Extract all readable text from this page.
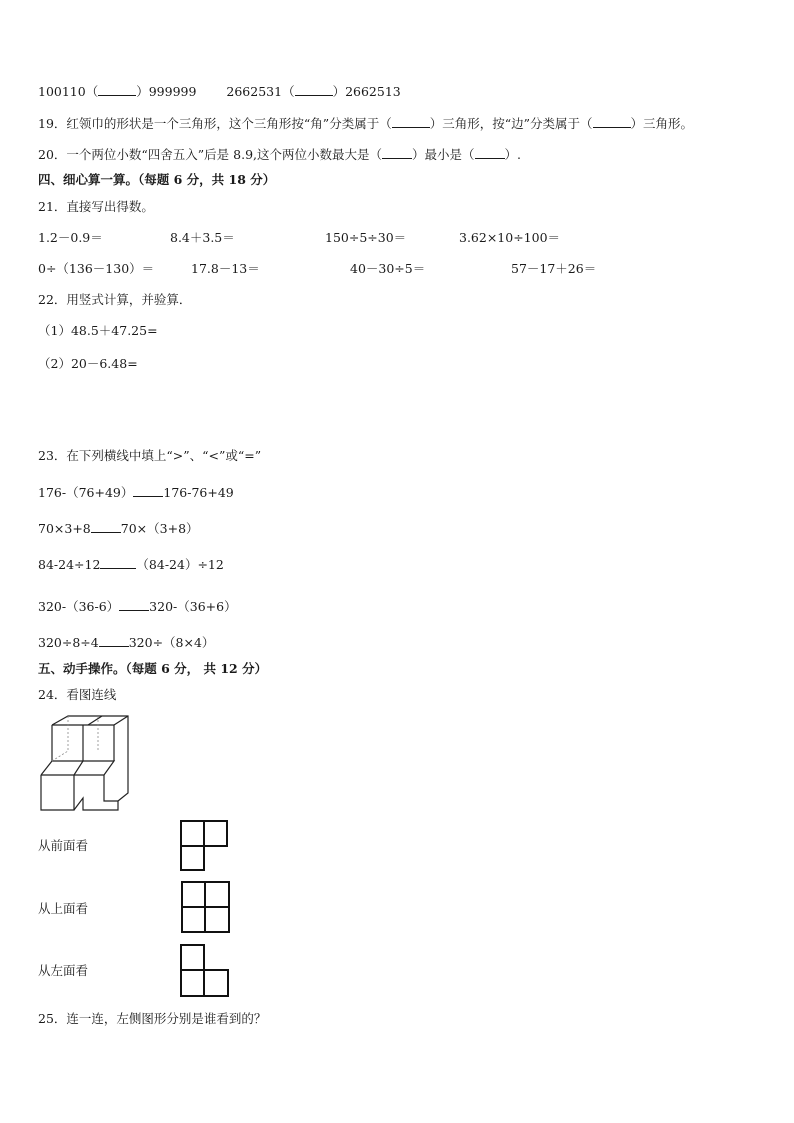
100110（	）999999 2662531（	）2662513
19．红领巾的形状是一个三角形，这个三角形按“角”分类属于（	）三角形，按“边”分类属于（	）三角形。
20．一个两位小数“四舍五入”后是 8.9,这个两位小数最大是（ ）最小是（ ）.
四、细心算一算。（每题 6 分，共 18 分）
21．直接写出得数。
1.2－0.9＝	8.4＋3.5＝	150÷5÷30＝	3.62×10÷100＝
0÷（136－130）＝	17.8－13＝	40－30÷5＝	57－17＋26＝
22．用竖式计算，并验算．
（1）48.5＋47.25=
（2）20－6.48=
23．在下列横线中填上“>”、“<”或“=”
176-（76+49） 176-76+49
70×3+8 70×（3+8）
84-24÷12	（84-24）÷12
320-（36-6） 320-（36+6）
320÷8÷4 320÷（8×4）
五、动手操作。（每题 6 分， 共 12 分）
24．看图连线
从前面看
从上面看
从左面看
25．连一连，左侧图形分别是谁看到的？
